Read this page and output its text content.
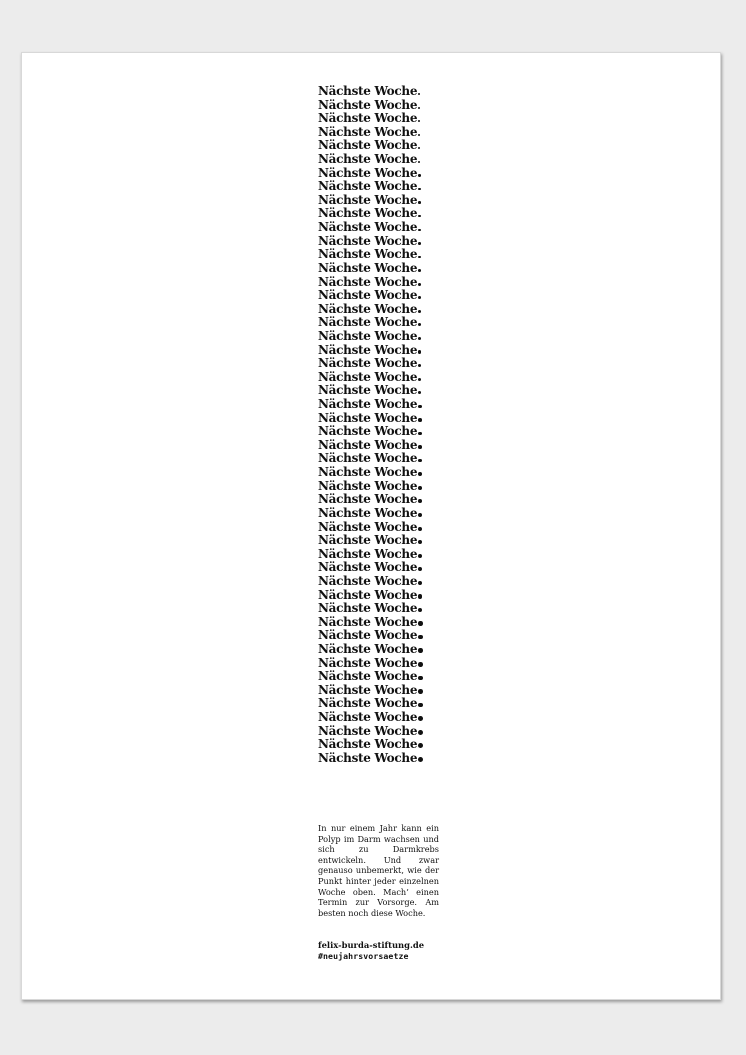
Nächste Woche
Nächste Woche
Nächste Woche
Nächste Woche
Nächste Woche
Nächste Woche
Nächste Woche
Nächste Woche
Nächste Woche
Nächste Woche
Nächste Woche
Nächste Woche
Nächste Woche
Nächste Woche
Nächste Woche
Nächste Woche
Nächste Woche
Nächste Woche
Nächste Woche
Nächste Woche
Nächste Woche
Nächste Woche
Nächste Woche
Nächste Woche
Nächste Woche
Nächste Woche
Nächste Woche
Nächste Woche
Nächste Woche
Nächste Woche
Nächste Woche
Nächste Woche
Nächste Woche
Nächste Woche
Nächste Woche
Nächste Woche
Nächste Woche
Nächste Woche
Nächste Woche
Nächste Woche
Nächste Woche
Nächste Woche
Nächste Woche
Nächste Woche
Nächste Woche
Nächste Woche
Nächste Woche
Nächste Woche
Nächste Woche
Nächste Woche

In nur einem Jahr kann ein Polyp im Darm wachsen und sich zu Darmkrebs entwickeln. Und zwar genauso unbemerkt, wie der Punkt hinter jeder einzelnen Woche oben. Mach’ einen Termin zur Vorsorge. Am besten noch diese Woche.

felix-burda-stiftung.de
#neujahrsvorsaetze
